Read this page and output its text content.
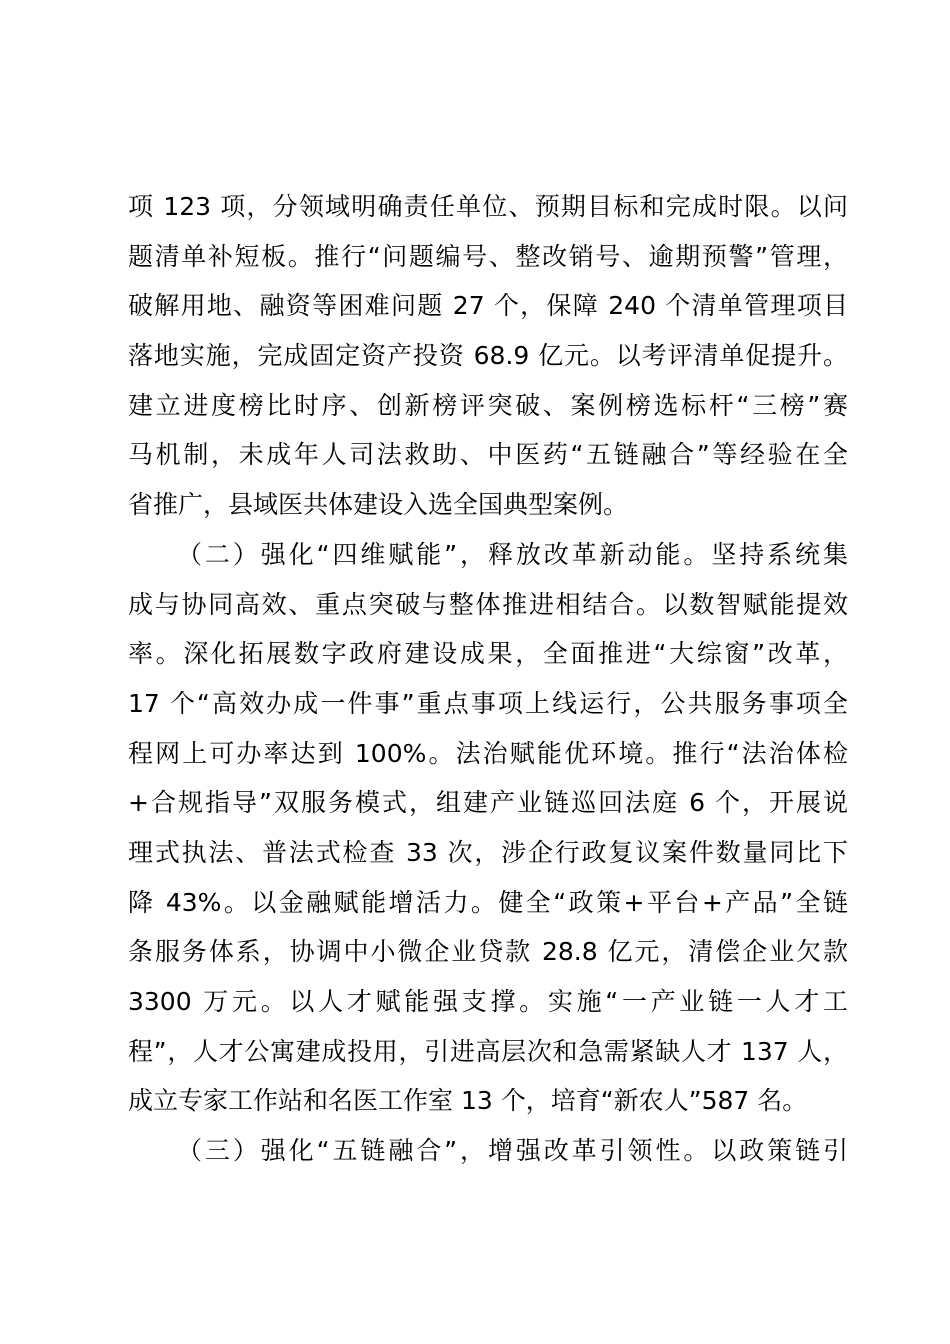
项 123 项，分领域明确责任单位、预期目标和完成时限。以问
题清单补短板。推行“问题编号、整改销号、逾期预警”管理，
破解用地、融资等困难问题 27 个，保障 240 个清单管理项目
落地实施，完成固定资产投资 68.9 亿元。以考评清单促提升。
建立进度榜比时序、创新榜评突破、案例榜选标杆“三榜”赛
马机制，未成年人司法救助、中医药“五链融合”等经验在全
省推广，县域医共体建设入选全国典型案例。
（二）强化“四维赋能”，释放改革新动能。坚持系统集
成与协同高效、重点突破与整体推进相结合。以数智赋能提效
率。深化拓展数字政府建设成果，全面推进“大综窗”改革，
17 个“高效办成一件事”重点事项上线运行，公共服务事项全
程网上可办率达到 100%。法治赋能优环境。推行“法治体检
+合规指导”双服务模式，组建产业链巡回法庭 6 个，开展说
理式执法、普法式检查 33 次，涉企行政复议案件数量同比下
降 43%。以金融赋能增活力。健全“政策+平台+产品”全链
条服务体系，协调中小微企业贷款 28.8 亿元，清偿企业欠款
3300 万元。以人才赋能强支撑。实施“一产业链一人才工
程”，人才公寓建成投用，引进高层次和急需紧缺人才 137 人，
成立专家工作站和名医工作室 13 个，培育“新农人”587 名。
（三）强化“五链融合”，增强改革引领性。以政策链引
